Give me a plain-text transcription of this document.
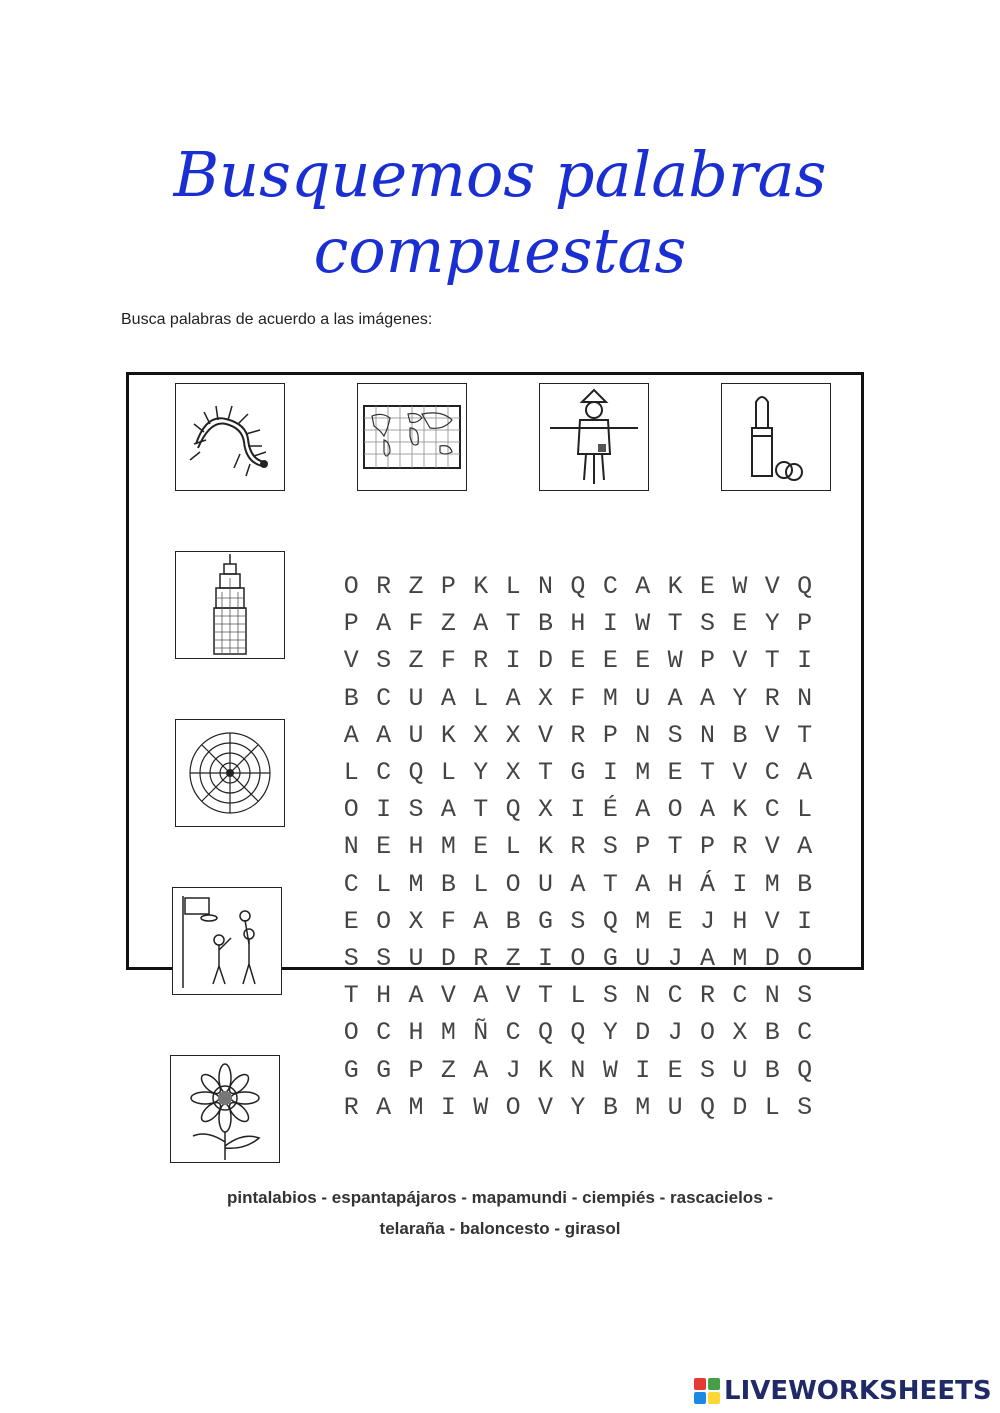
Busquemos palabras
compuestas
Busca palabras de acuerdo a las imágenes:
O R Z P K L N Q C A K E W V Q
P A F Z A T B H I W T S E Y P
V S Z F R I D E E E W P V T I
B C U A L A X F M U A A Y R N
A A U K X X V R P N S N B V T
L C Q L Y X T G I M E T V C A
O I S A T Q X I É A O A K C L
N E H M E L K R S P T P R V A
C L M B L O U A T A H Á I M B
E O X F A B G S Q M E J H V I
S S U D R Z I O G U J A M D O
T H A V A V T L S N C R C N S
O C H M Ñ C Q Q Y D J O X B C
G G P Z A J K N W I E S U B Q
R A M I W O V Y B M U Q D L S
pintalabios - espantapájaros - mapamundi - ciempiés - rascacielos -
telaraña - baloncesto - girasol
LIVEWORKSHEETS
